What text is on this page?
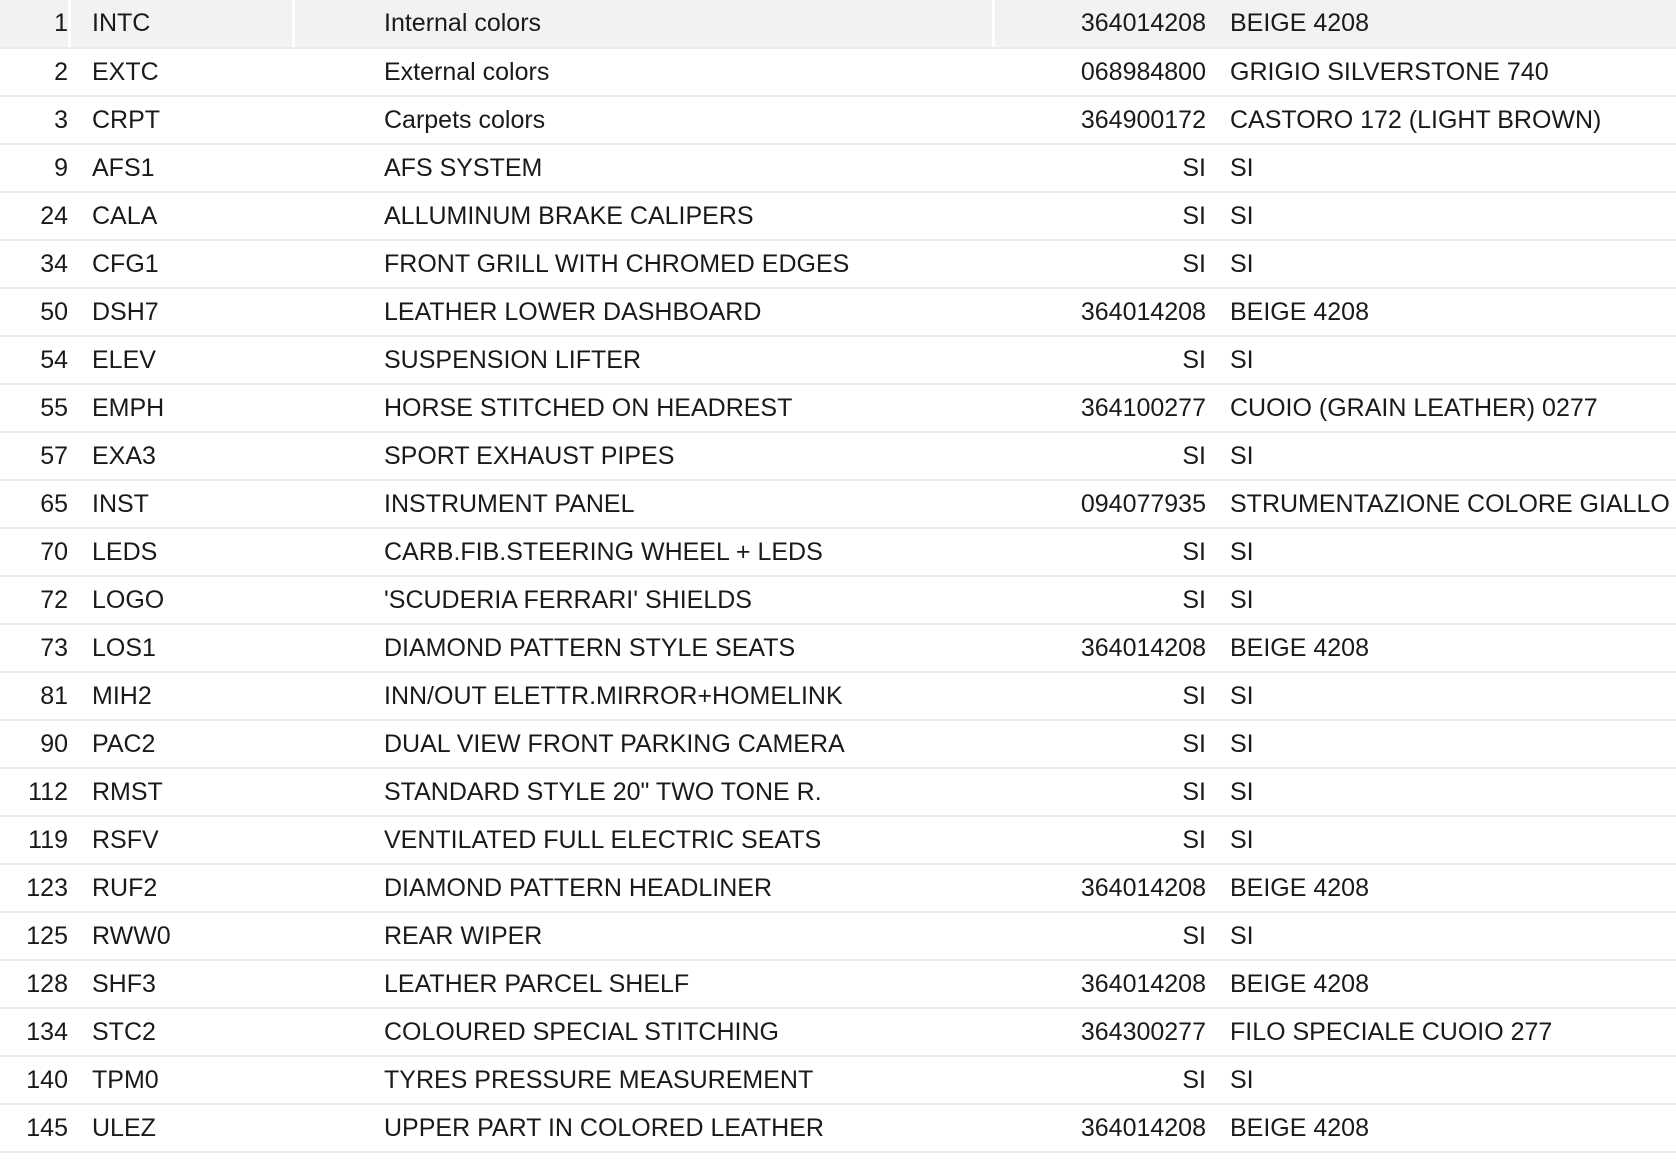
1	INTC	Internal colors	364014208	BEIGE 4208
2	EXTC	External colors	068984800	GRIGIO SILVERSTONE 740
3	CRPT	Carpets colors	364900172	CASTORO 172 (LIGHT BROWN)
9	AFS1	AFS SYSTEM	SI	SI
24	CALA	ALLUMINUM BRAKE CALIPERS	SI	SI
34	CFG1	FRONT GRILL WITH CHROMED EDGES	SI	SI
50	DSH7	LEATHER LOWER DASHBOARD	364014208	BEIGE 4208
54	ELEV	SUSPENSION LIFTER	SI	SI
55	EMPH	HORSE STITCHED ON HEADREST	364100277	CUOIO (GRAIN LEATHER) 0277
57	EXA3	SPORT EXHAUST PIPES	SI	SI
65	INST	INSTRUMENT PANEL	094077935	STRUMENTAZIONE COLORE GIALLO
70	LEDS	CARB.FIB.STEERING WHEEL + LEDS	SI	SI
72	LOGO	'SCUDERIA FERRARI' SHIELDS	SI	SI
73	LOS1	DIAMOND PATTERN STYLE SEATS	364014208	BEIGE 4208
81	MIH2	INN/OUT ELETTR.MIRROR+HOMELINK	SI	SI
90	PAC2	DUAL VIEW FRONT PARKING CAMERA	SI	SI
112	RMST	STANDARD STYLE 20" TWO TONE R.	SI	SI
119	RSFV	VENTILATED FULL ELECTRIC SEATS	SI	SI
123	RUF2	DIAMOND PATTERN HEADLINER	364014208	BEIGE 4208
125	RWW0	REAR WIPER	SI	SI
128	SHF3	LEATHER PARCEL SHELF	364014208	BEIGE 4208
134	STC2	COLOURED SPECIAL STITCHING	364300277	FILO SPECIALE CUOIO 277
140	TPM0	TYRES PRESSURE MEASUREMENT	SI	SI
145	ULEZ	UPPER PART IN COLORED LEATHER	364014208	BEIGE 4208
